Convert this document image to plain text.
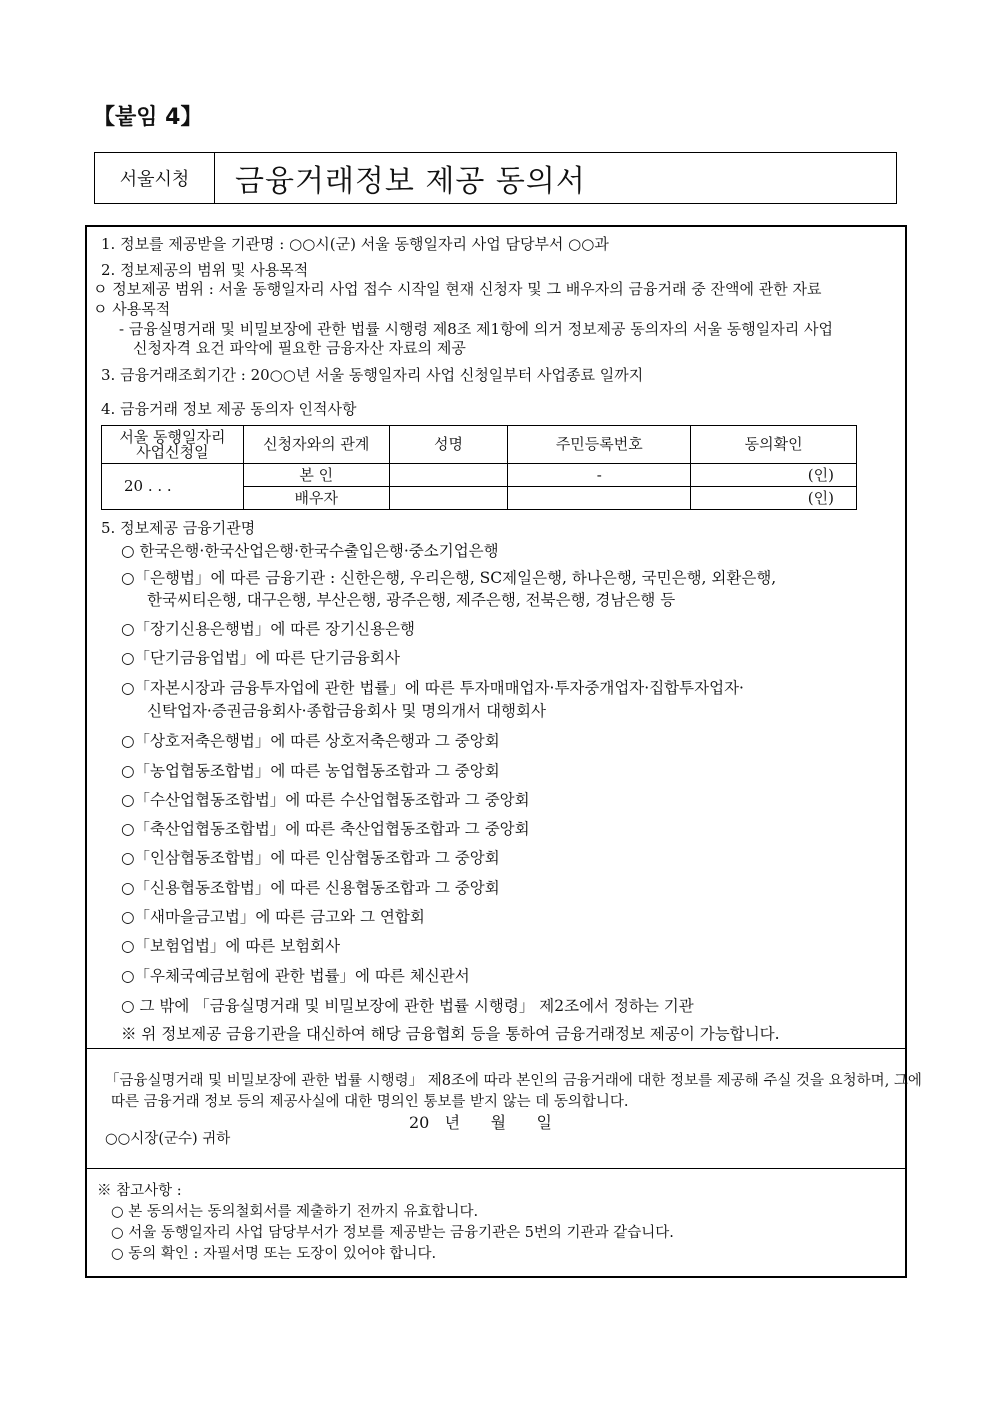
【붙임 4】
서울시청	금융거래정보 제공 동의서
1. 정보를 제공받을 기관명 : ○○시(군) 서울 동행일자리 사업 담당부서 ○○과
2. 정보제공의 범위 및 사용목적
ㅇ 정보제공 범위 : 서울 동행일자리 사업 접수 시작일 현재 신청자 및 그 배우자의 금융거래 중 잔액에 관한 자료
ㅇ 사용목적
- 금융실명거래 및 비밀보장에 관한 법률 시행령 제8조 제1항에 의거 정보제공 동의자의 서울 동행일자리 사업
신청자격 요건 파악에 필요한 금융자산 자료의 제공
3. 금융거래조회기간 : 20○○년 서울 동행일자리 사업 신청일부터 사업종료 일까지
4. 금융거래 정보 제공 동의자 인적사항
서울 동행일자리
사업신청일	신청자와의 관계	성명	주민등록번호	동의확인
20 . . .	본 인		-	(인)
	배우자			(인)
5. 정보제공 금융기관명
○ 한국은행·한국산업은행·한국수출입은행·중소기업은행
○「은행법」에 따른 금융기관 : 신한은행, 우리은행, SC제일은행, 하나은행, 국민은행, 외환은행,
한국씨티은행, 대구은행, 부산은행, 광주은행, 제주은행, 전북은행, 경남은행 등
○「장기신용은행법」에 따른 장기신용은행
○「단기금융업법」에 따른 단기금융회사
○「자본시장과 금융투자업에 관한 법률」에 따른 투자매매업자·투자중개업자·집합투자업자·
신탁업자·증권금융회사·종합금융회사 및 명의개서 대행회사
○「상호저축은행법」에 따른 상호저축은행과 그 중앙회
○「농업협동조합법」에 따른 농업협동조합과 그 중앙회
○「수산업협동조합법」에 따른 수산업협동조합과 그 중앙회
○「축산업협동조합법」에 따른 축산업협동조합과 그 중앙회
○「인삼협동조합법」에 따른 인삼협동조합과 그 중앙회
○「신용협동조합법」에 따른 신용협동조합과 그 중앙회
○「새마을금고법」에 따른 금고와 그 연합회
○「보험업법」에 따른 보험회사
○「우체국예금보험에 관한 법률」에 따른 체신관서
○ 그 밖에 「금융실명거래 및 비밀보장에 관한 법률 시행령」 제2조에서 정하는 기관
※ 위 정보제공 금융기관을 대신하여 해당 금융협회 등을 통하여 금융거래정보 제공이 가능합니다.
「금융실명거래 및 비밀보장에 관한 법률 시행령」 제8조에 따라 본인의 금융거래에 대한 정보를 제공해 주실 것을 요청하며, 그에
따른 금융거래 정보 등의 제공사실에 대한 명의인 통보를 받지 않는 데 동의합니다.
20   년      월      일
○○시장(군수) 귀하
※ 참고사항 :
○ 본 동의서는 동의철회서를 제출하기 전까지 유효합니다.
○ 서울 동행일자리 사업 담당부서가 정보를 제공받는 금융기관은 5번의 기관과 같습니다.
○ 동의 확인 : 자필서명 또는 도장이 있어야 합니다.
